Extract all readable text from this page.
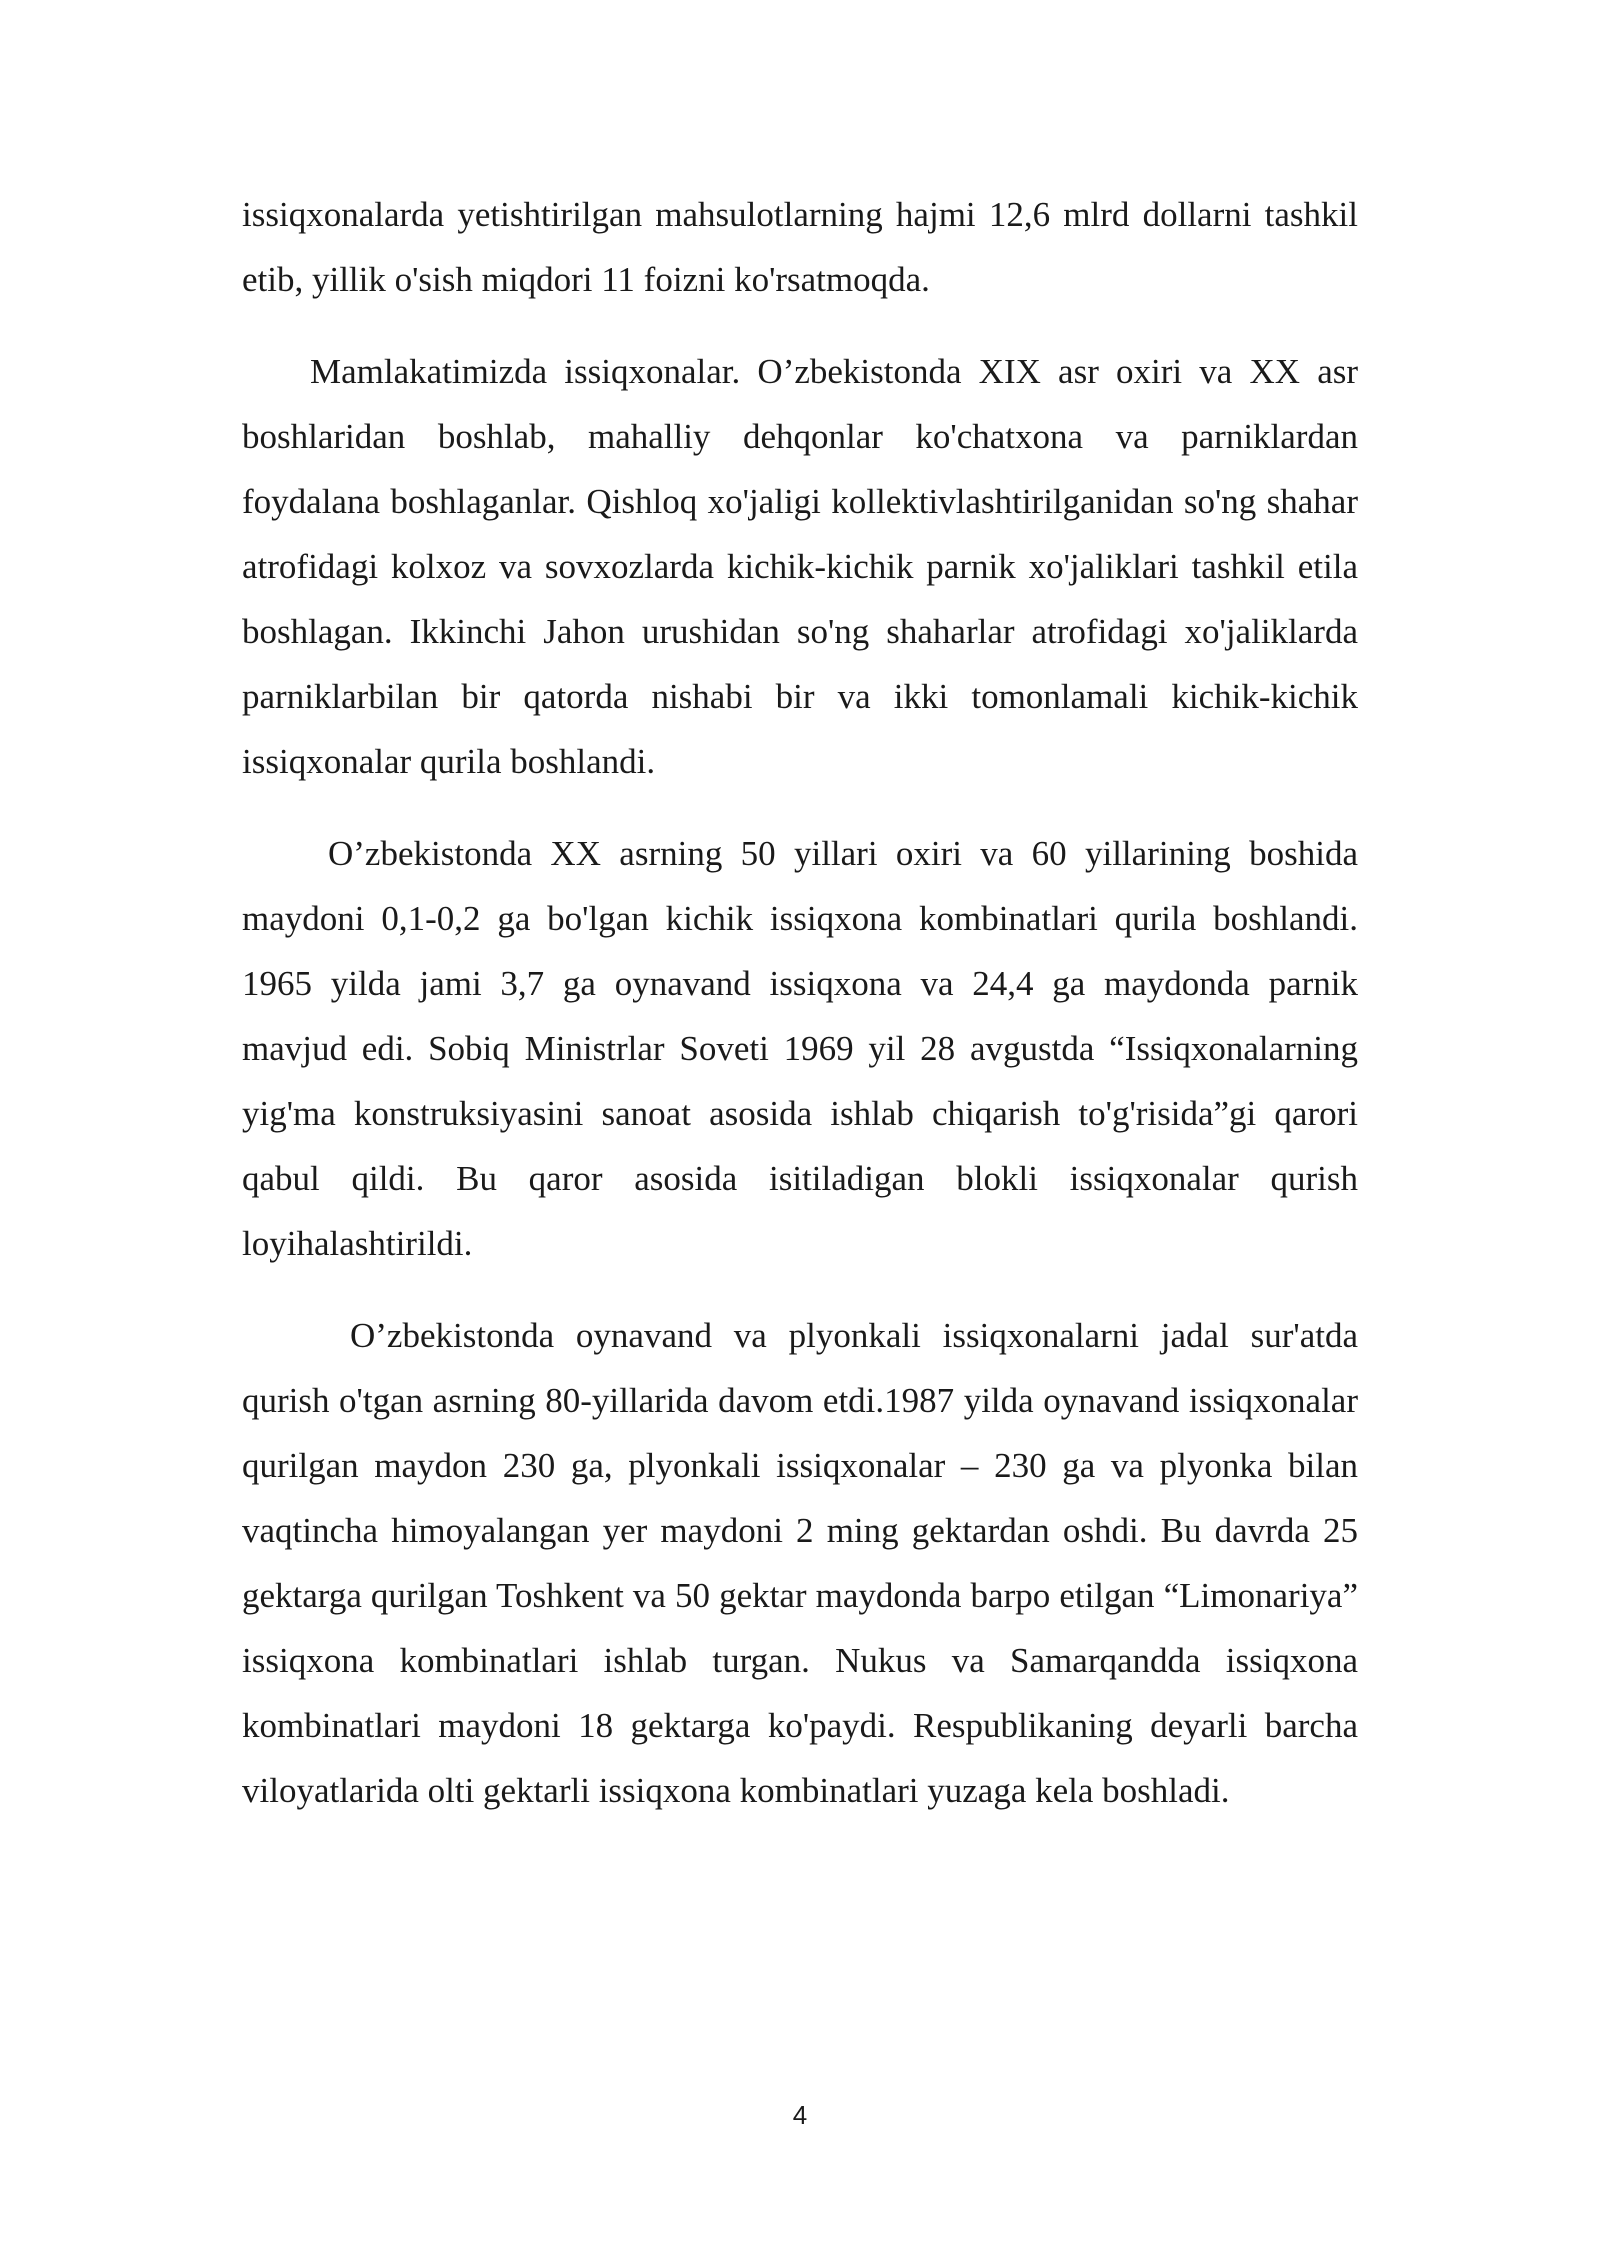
issiqxonalarda yetishtirilgan mahsulotlarning hajmi 12,6 mlrd dollarni tashkil etib, yillik o'sish miqdori 11 foizni ko'rsatmoqda.

Mamlakatimizda issiqxonalar. O’zbekistonda XIX asr oxiri va XX asr boshlaridan boshlab, mahalliy dehqonlar ko'chatxona va parniklardan foydalana boshlaganlar. Qishloq xo'jaligi kollektivlashtirilganidan so'ng shahar atrofidagi kolxoz va sovxozlarda kichik-kichik parnik xo'jaliklari tashkil etila boshlagan. Ikkinchi Jahon urushidan so'ng shaharlar atrofidagi xo'jaliklarda parniklarbilan bir qatorda nishabi bir va ikki tomonlamali kichik-kichik issiqxonalar qurila boshlandi.

O’zbekistonda XX asrning 50 yillari oxiri va 60 yillarining boshida maydoni 0,1-0,2 ga bo'lgan kichik issiqxona kombinatlari qurila boshlandi. 1965 yilda jami 3,7 ga oynavand issiqxona va 24,4 ga maydonda parnik mavjud edi. Sobiq Ministrlar Soveti 1969 yil 28 avgustda “Issiqxonalarning yig'ma konstruksiyasini sanoat asosida ishlab chiqarish to'g'risida”gi qarori qabul qildi. Bu qaror asosida isitiladigan blokli issiqxonalar qurish loyihalashtirildi.

O’zbekistonda oynavand va plyonkali issiqxonalarni jadal sur'atda qurish o'tgan asrning 80-yillarida davom etdi.1987 yilda oynavand issiqxonalar qurilgan maydon 230 ga, plyonkali issiqxonalar – 230 ga va plyonka bilan vaqtincha himoyalangan yer maydoni 2 ming gektardan oshdi. Bu davrda 25 gektarga qurilgan Toshkent va 50 gektar maydonda barpo etilgan “Limonariya” issiqxona kombinatlari ishlab turgan. Nukus va Samarqandda issiqxona kombinatlari maydoni 18 gektarga ko'paydi. Respublikaning deyarli barcha viloyatlarida olti gektarli issiqxona kombinatlari yuzaga kela boshladi.

4
